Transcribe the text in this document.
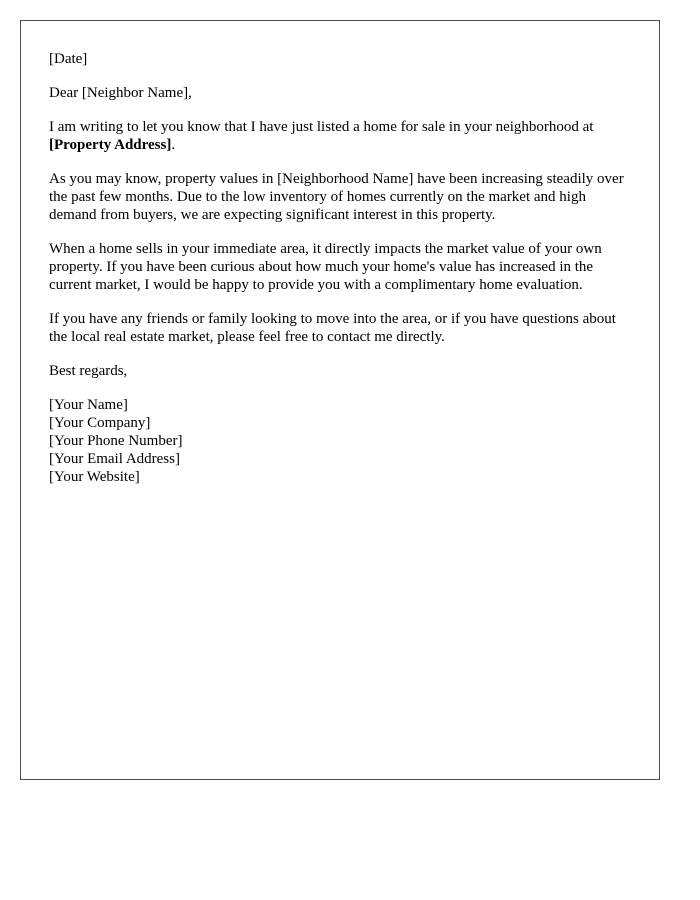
[Date]

Dear [Neighbor Name],

I am writing to let you know that I have just listed a home for sale in your neighborhood at [Property Address].

As you may know, property values in [Neighborhood Name] have been increasing steadily over the past few months. Due to the low inventory of homes currently on the market and high demand from buyers, we are expecting significant interest in this property.

When a home sells in your immediate area, it directly impacts the market value of your own property. If you have been curious about how much your home's value has increased in the current market, I would be happy to provide you with a complimentary home evaluation.

If you have any friends or family looking to move into the area, or if you have questions about the local real estate market, please feel free to contact me directly.

Best regards,

[Your Name]
[Your Company]
[Your Phone Number]
[Your Email Address]
[Your Website]
